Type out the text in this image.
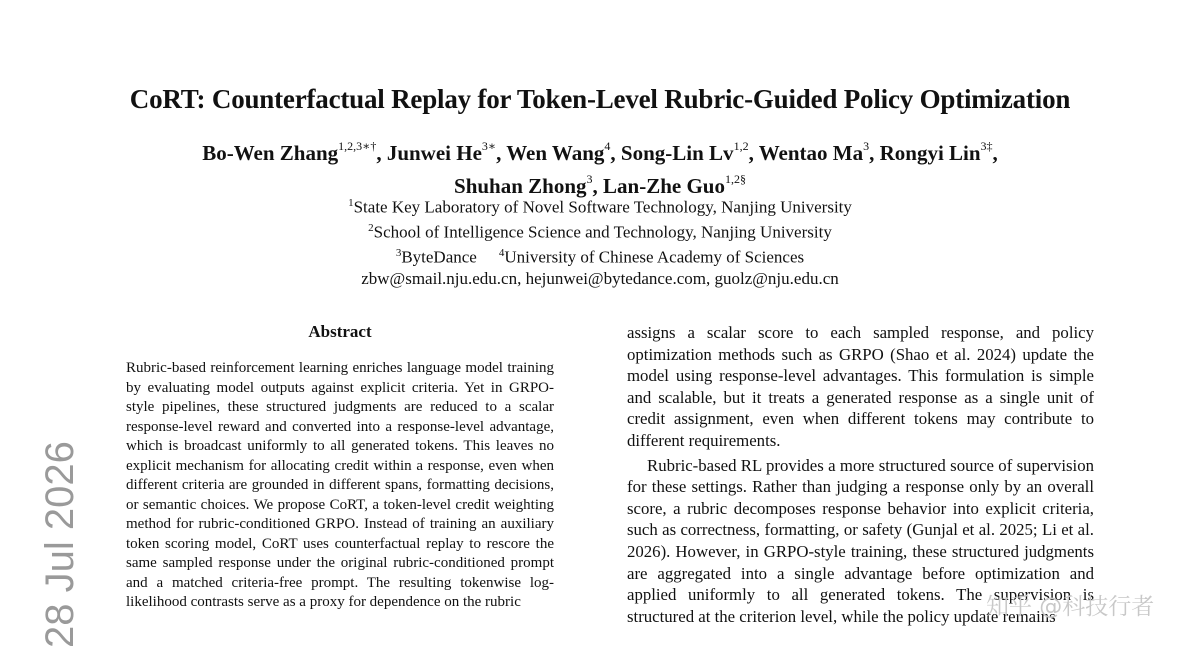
28 Jul 2026
CoRT: Counterfactual Replay for Token-Level Rubric-Guided Policy Optimization
Bo-Wen Zhang$^{1,2,3∗\dagger}$, Junwei $He^{3∗}$, Wen Wang$^4$, Song-Lin Lv$^{1,2}$, Wentao Ma$^3$, Rongyi Lin$^{3\ddagger}$,
Shuhan Zhong$^3$, Lan-Zhe Guo$^{1,2\S}$
$^1$State Key Laboratory of Novel Software Technology, Nanjing University
$^2$School of Intelligence Science and Technology, Nanjing University
$^3$ByteDance $^4$University of Chinese Academy of Sciences
zbw@smail.nju.edu.cn, hejunwei@bytedance.com, guolz@nju.edu.cn
Abstract
Rubric-based reinforcement learning enriches language model training by evaluating model outputs against explicit criteria. Yet in GRPO-style pipelines, these structured judgments are reduced to a scalar response-level reward and converted into a response-level advantage, which is broadcast uniformly to all generated tokens. This leaves no explicit mechanism for allocating credit within a response, even when different criteria are grounded in different spans, formatting decisions, or semantic choices. We propose CoRT, a token-level credit weighting method for rubric-conditioned GRPO. Instead of training an auxiliary token scoring model, CoRT uses counterfactual replay to rescore the same sampled response under the original rubric-conditioned prompt and a matched criteria-free prompt. The resulting tokenwise log-likelihood contrasts serve as a proxy for dependence on the rubric

assigns a scalar score to each sampled response, and policy optimization methods such as GRPO (Shao et al. 2024) update the model using response-level advantages. This formulation is simple and scalable, but it treats a generated response as a single unit of credit assignment, even when different tokens may contribute to different requirements.

Rubric-based RL provides a more structured source of supervision for these settings. Rather than judging a response only by an overall score, a rubric decomposes response behavior into explicit criteria, such as correctness, formatting, or safety (Gunjal et al. 2025; Li et al. 2026). However, in GRPO-style training, these structured judgments are aggregated into a single advantage before optimization and applied uniformly to all generated tokens. The supervision is structured at the criterion level, while the policy update remains

知乎 @科技行者
